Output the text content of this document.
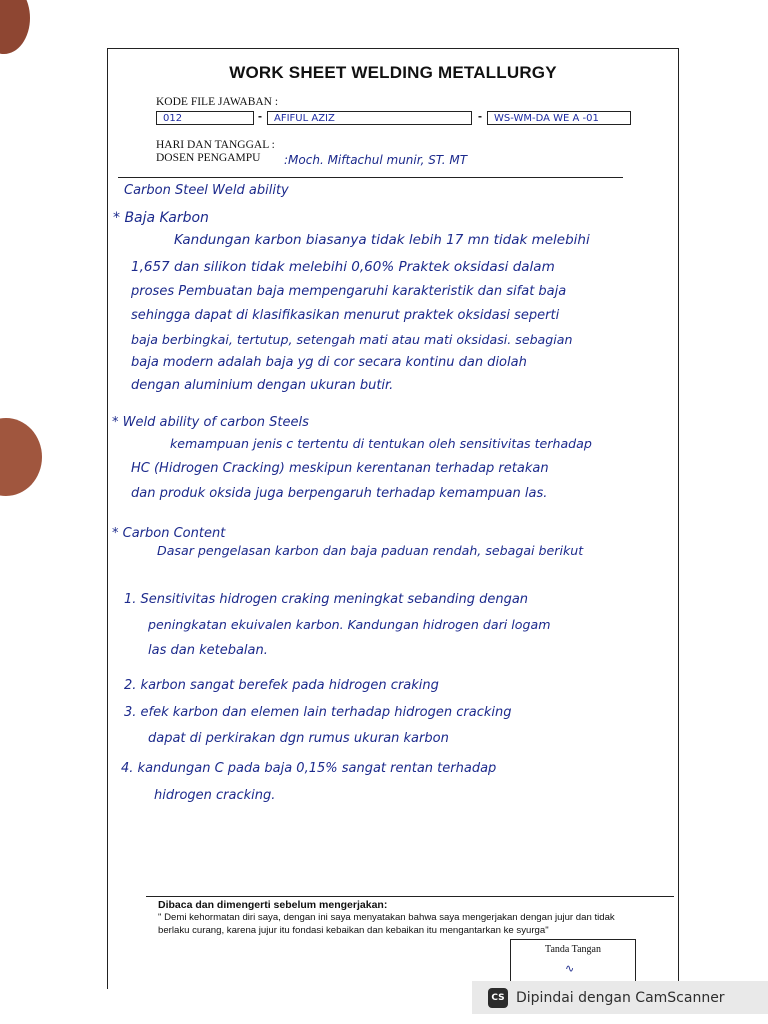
WORK SHEET WELDING METALLURGY
KODE FILE JAWABAN :
012	-	AFIFUL AZIZ	-	WS-WM-DA WE A -01
HARI DAN TANGGAL :
DOSEN PENGAMPU :Moch. Miftachul munir, ST. MT
Carbon Steel Weld ability
* Baja Karbon
Kandungan karbon biasanya tidak lebih 17 mn tidak melebihi
1,657 dan silikon tidak melebihi 0,60% Praktek oksidasi dalam
proses Pembuatan baja mempengaruhi karakteristik dan sifat baja
sehingga dapat di klasifikasikan menurut praktek oksidasi seperti
baja berbingkai, tertutup, setengah mati atau mati oksidasi. sebagian
baja modern adalah baja yg di cor secara kontinu dan diolah
dengan aluminium dengan ukuran butir.
* Weld ability of carbon Steels
kemampuan jenis c tertentu di tentukan oleh sensitivitas terhadap
HC (Hidrogen Cracking) meskipun kerentanan terhadap retakan
dan produk oksida juga berpengaruh terhadap kemampuan las.
* Carbon Content
Dasar pengelasan karbon dan baja paduan rendah, sebagai berikut
1. Sensitivitas hidrogen craking meningkat sebanding dengan
peningkatan ekuivalen karbon. Kandungan hidrogen dari logam
las dan ketebalan.
2. karbon sangat berefek pada hidrogen craking
3. efek karbon dan elemen lain terhadap hidrogen cracking
dapat di perkirakan dgn rumus ukuran karbon
4. kandungan C pada baja 0,15% sangat rentan terhadap
hidrogen cracking.
Dibaca dan dimengerti sebelum mengerjakan:
" Demi kehormatan diri saya, dengan ini saya menyatakan bahwa saya mengerjakan dengan jujur dan tidak berlaku curang, karena jujur itu fondasi kebaikan dan kebaikan itu mengantarkan ke syurga"
Tanda Tangan
∿
CS Dipindai dengan CamScanner
